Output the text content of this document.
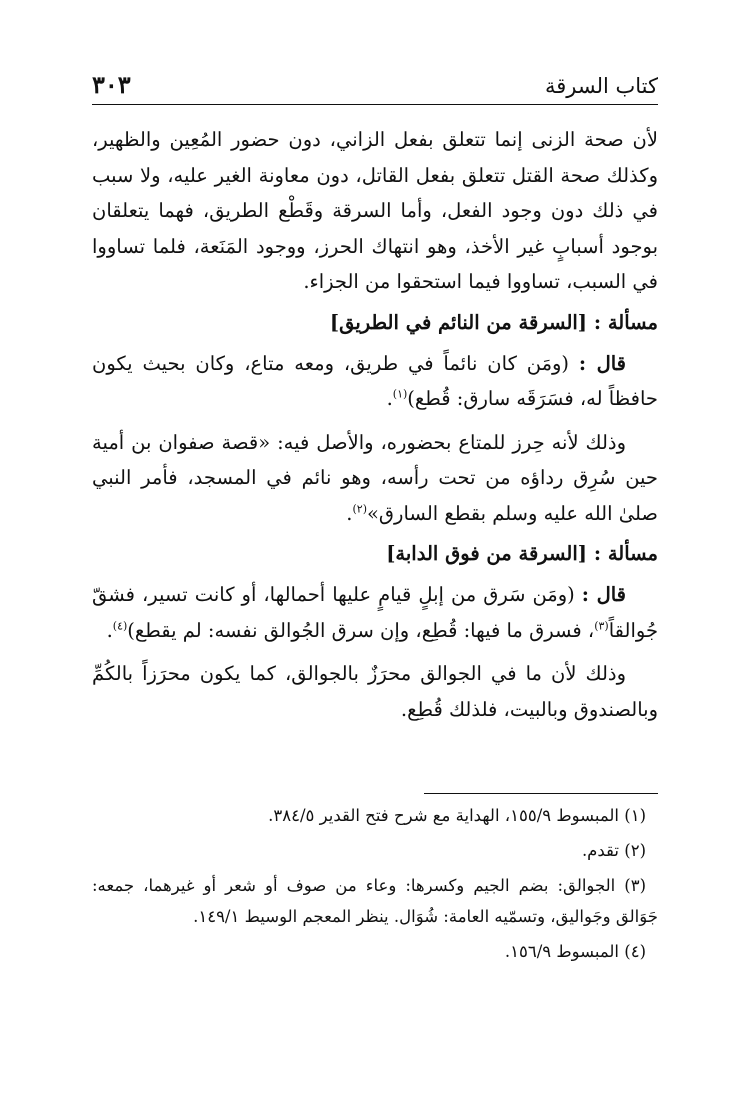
كتاب السرقة
٣٠٣

لأن صحة الزنى إنما تتعلق بفعل الزاني، دون حضور المُعِين والظهير، وكذلك صحة القتل تتعلق بفعل القاتل، دون معاونة الغير عليه، ولا سبب في ذلك دون وجود الفعل، وأما السرقة وقَطْع الطريق، فهما يتعلقان بوجود أسبابٍ غير الأخذ، وهو انتهاك الحرز، ووجود المَنَعة، فلما تساووا في السبب، تساووا فيما استحقوا من الجزاء.

مسألة : [السرقة من النائم في الطريق]

قال : (ومَن كان نائماً في طريق، ومعه متاع، وكان بحيث يكون حافظاً له، فسَرَقَه سارق: قُطع)$^{(١)}$.

وذلك لأنه حِرز للمتاع بحضوره، والأصل فيه: «قصة صفوان بن أمية حين سُرِق رداؤه من تحت رأسه، وهو نائم في المسجد، فأمر النبي صلىٰ الله عليه وسلم بقطع السارق»$^{(٢)}$.

مسألة : [السرقة من فوق الدابة]

قال : (ومَن سَرق من إبلٍ قيامٍ عليها أحمالها، أو كانت تسير، فشقّ جُوالقاً$^{(٣)}$، فسرق ما فيها: قُطِع، وإن سرق الجُوالق نفسه: لم يقطع)$^{(٤)}$.

وذلك لأن ما في الجوالق محرَزٌ بالجوالق، كما يكون محرَزاً بالكُمِّ وبالصندوق وبالبيت، فلذلك قُطِع.

(١) المبسوط ١٥٥/٩، الهداية مع شرح فتح القدير ٣٨٤/٥.

(٢) تقدم.

(٣) الجوالق: بضم الجيم وكسرها: وعاء من صوف أو شعر أو غيرهما، جمعه: جَوَالق وجَواليق، وتسمّيه العامة: شُوَال. ينظر المعجم الوسيط ١٤٩/١.

(٤) المبسوط ١٥٦/٩.
